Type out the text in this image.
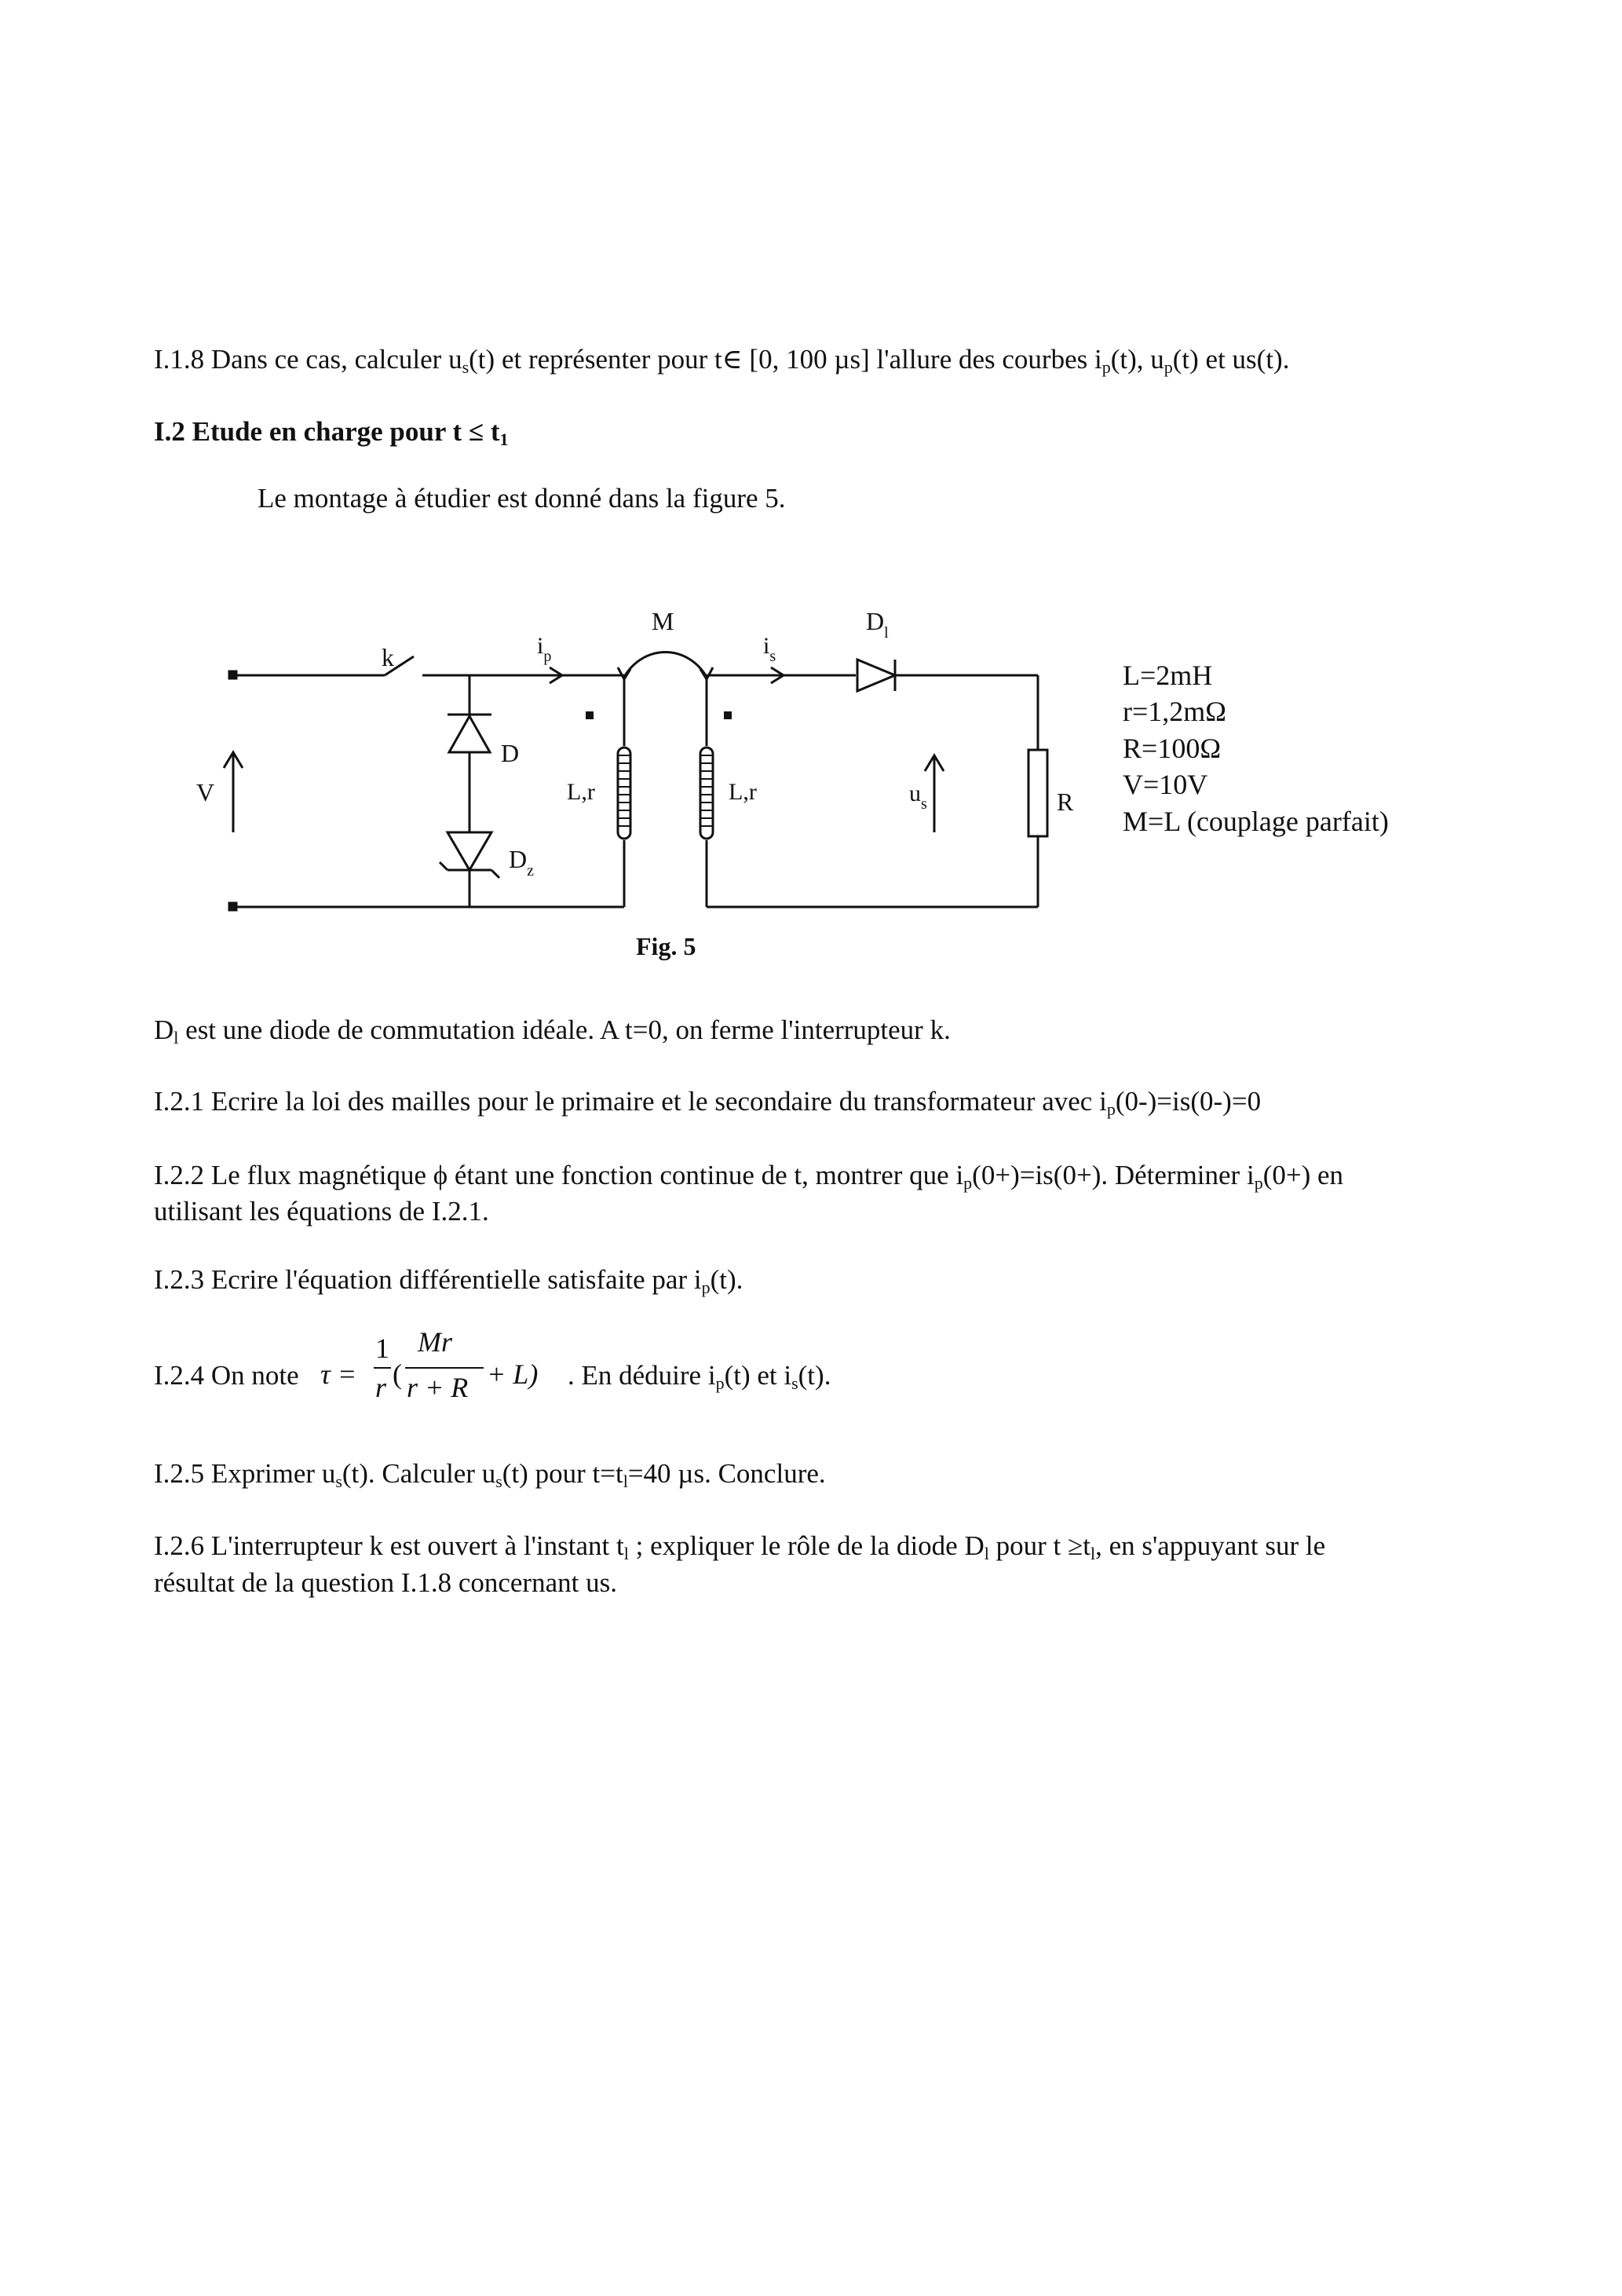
I.1.8 Dans ce cas, calculer $u_s(t)$ et représenter pour t∈ [0, 100 µs] l'allure des courbes $i_p(t)$, $u_p(t)$ et us(t).
I.2 Etude en charge pour $t \le t_1$
Le montage à étudier est donné dans la figure 5.
k	$i_p$
M
$i_s$
$D_l$
D
$D_z$
V	L,r	L,r	$u_s$	R
L=2mH
r=1,2mΩ
R=100Ω
V=10V
M=L (couplage parfait)
Fig. 5
$D_l$ est une diode de commutation idéale. A t=0, on ferme l'interrupteur k.
I.2.1 Ecrire la loi des mailles pour le primaire et le secondaire du transformateur avec $i_p(0-)=is(0-)=0$
I.2.2 Le flux magnétique ϕ étant une fonction continue de t, montrer que $i_p(0+)=is(0+)$. Déterminer $i_p(0+)$ en
utilisant les équations de I.2.1.
I.2.3 Ecrire l'équation différentielle satisfaite par $i_p(t)$.
I.2.4 On note τ =
1
r (
Mr
r + R + L) . En déduire $i_p(t)$ et $i_s(t)$.
I.2.5 Exprimer $u_s(t)$. Calculer $u_s(t)$ pour $t=t_l=40$ µs. Conclure.
I.2.6 L'interrupteur k est ouvert à l'instant $t_l$ ; expliquer le rôle de la diode $D_l$ pour $t \ge t_l$, en s'appuyant sur le
résultat de la question I.1.8 concernant us.
